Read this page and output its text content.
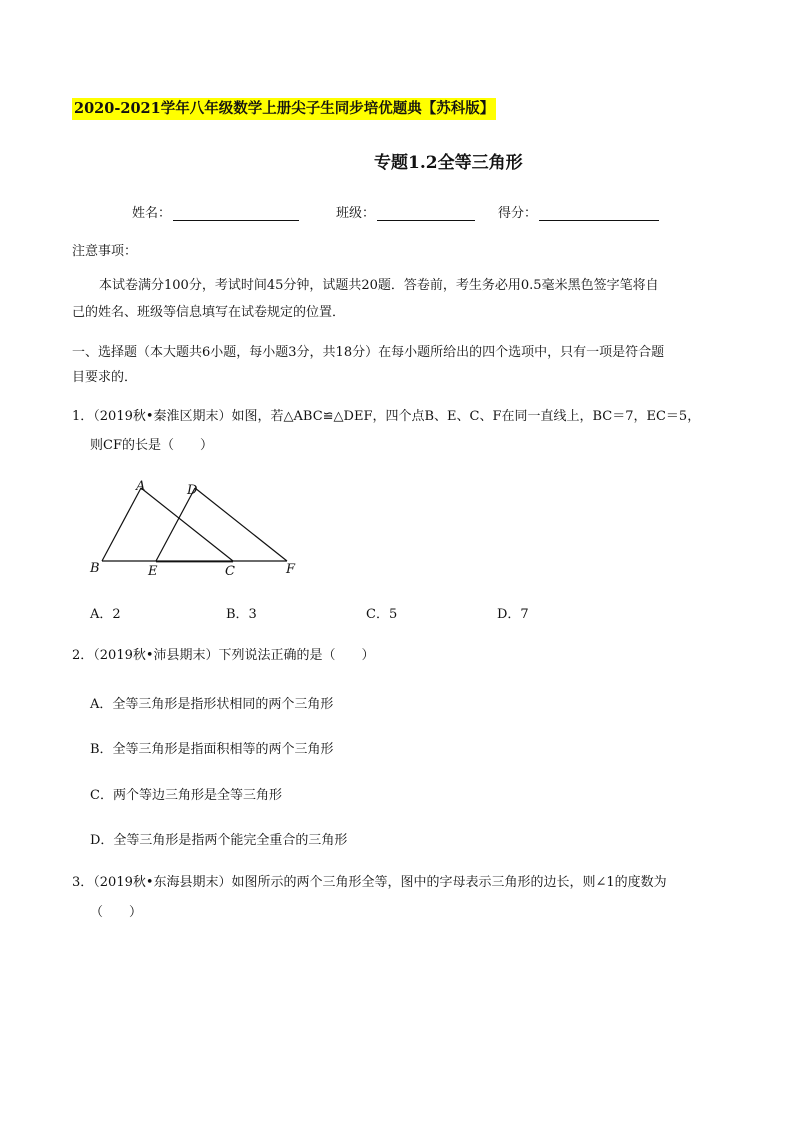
2020-2021学年八年级数学上册尖子生同步培优题典【苏科版】
专题1.2全等三角形
姓名：	班级：	得分：
注意事项：
本试卷满分100分，考试时间45分钟，试题共20题．答卷前，考生务必用0.5毫米黑色签字笔将自
己的姓名、班级等信息填写在试卷规定的位置．
一、选择题（本大题共6小题，每小题3分，共18分）在每小题所给出的四个选项中，只有一项是符合题
目要求的．
1．（2019秋•秦淮区期末）如图，若△ABC≌△DEF，四个点B、E、C、F在同一直线上，BC＝7，EC＝5，
则CF的长是（　　）
A	D
B	E	C	F
A．2	B．3	C．5	D．7
2．（2019秋•沛县期末）下列说法正确的是（　　）
A．全等三角形是指形状相同的两个三角形
B．全等三角形是指面积相等的两个三角形
C．两个等边三角形是全等三角形
D．全等三角形是指两个能完全重合的三角形
3．（2019秋•东海县期末）如图所示的两个三角形全等，图中的字母表示三角形的边长，则∠1的度数为
（　　）
